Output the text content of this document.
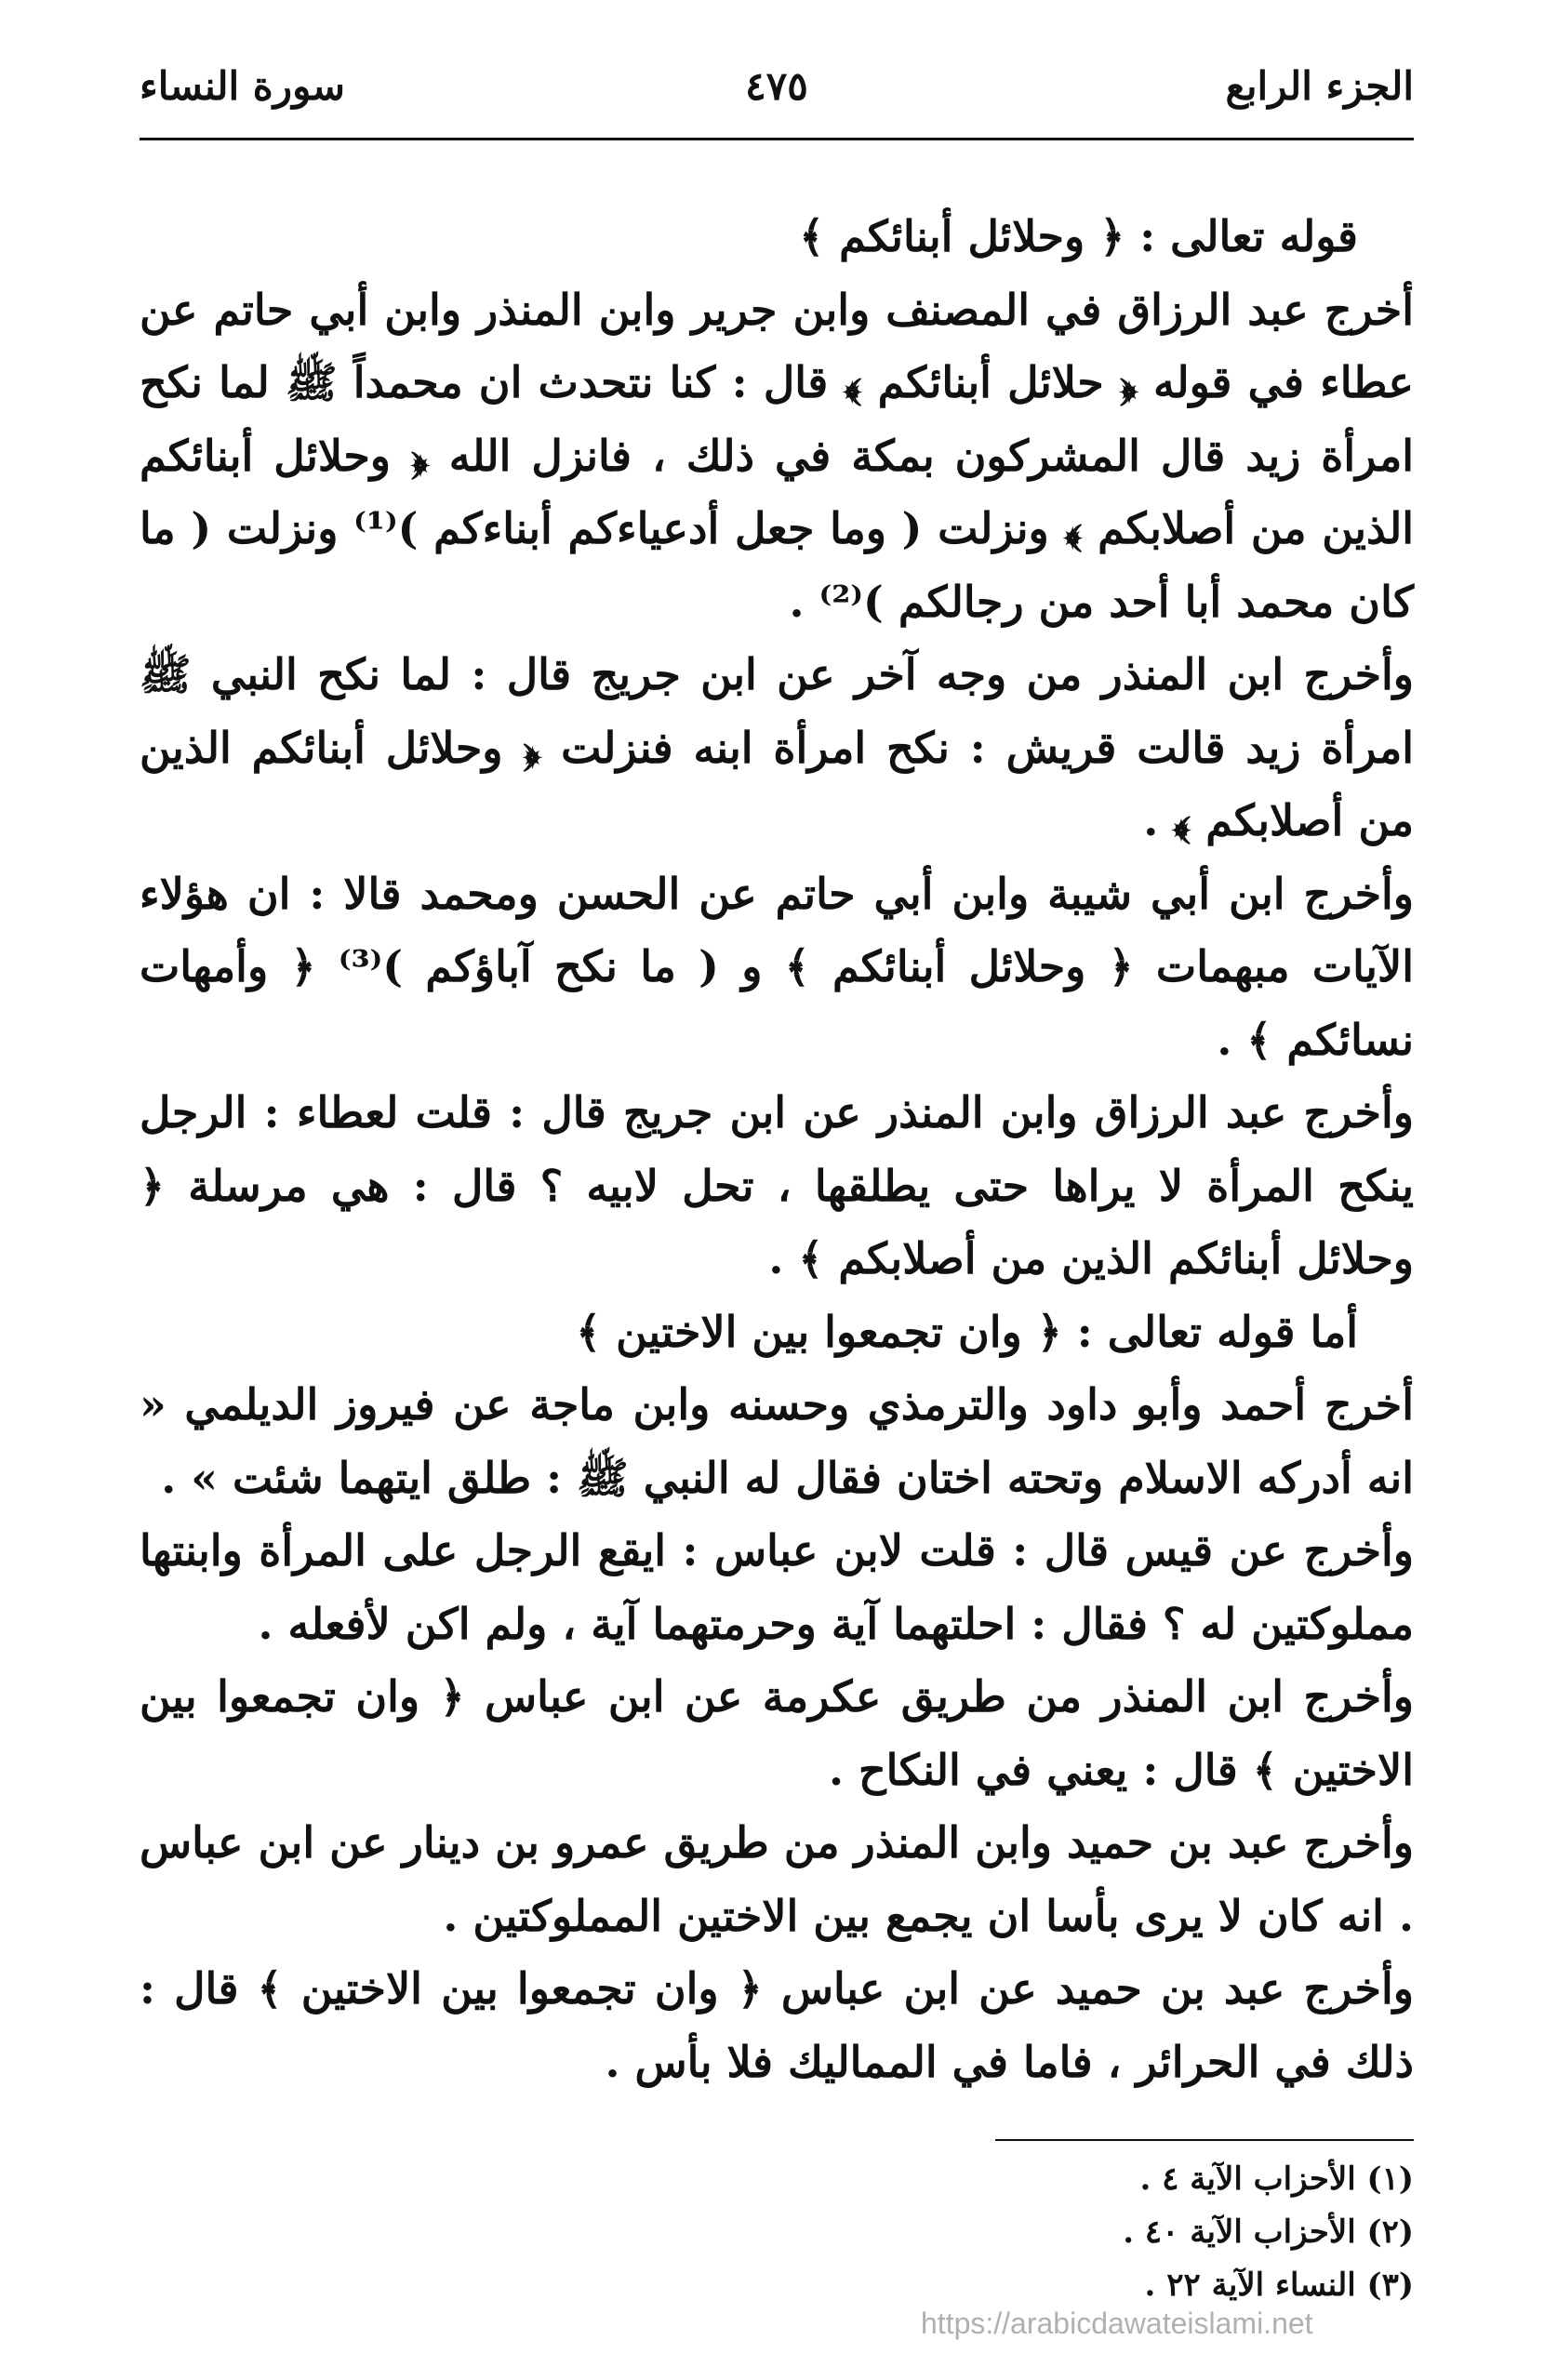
الجزء الرابع
٤٧٥
سورة النساء

قوله تعالى : ﴿ وحلائل أبنائكم ﴾

أخرج عبد الرزاق في المصنف وابن جرير وابن المنذر وابن أبي حاتم عن عطاء في قوله ﴿ حلائل أبنائكم ﴾ قال : كنا نتحدث ان محمداً ﷺ لما نكح امرأة زيد قال المشركون بمكة في ذلك ، فانزل الله ﴿ وحلائل أبنائكم الذين من أصلابكم ﴾ ونزلت ( وما جعل أدعياءكم أبناءكم )⁽¹⁾ ونزلت ( ما كان محمد أبا أحد من رجالكم )⁽²⁾ .

وأخرج ابن المنذر من وجه آخر عن ابن جريج قال : لما نكح النبي ﷺ امرأة زيد قالت قريش : نكح امرأة ابنه فنزلت ﴿ وحلائل أبنائكم الذين من أصلابكم ﴾ .

وأخرج ابن أبي شيبة وابن أبي حاتم عن الحسن ومحمد قالا : ان هؤلاء الآيات مبهمات ﴿ وحلائل أبنائكم ﴾ و ( ما نكح آباؤكم )⁽³⁾ ﴿ وأمهات نسائكم ﴾ .

وأخرج عبد الرزاق وابن المنذر عن ابن جريج قال : قلت لعطاء : الرجل ينكح المرأة لا يراها حتى يطلقها ، تحل لابيه ؟ قال : هي مرسلة ﴿ وحلائل أبنائكم الذين من أصلابكم ﴾ .

أما قوله تعالى : ﴿ وان تجمعوا بين الاختين ﴾

أخرج أحمد وأبو داود والترمذي وحسنه وابن ماجة عن فيروز الديلمي « انه أدركه الاسلام وتحته اختان فقال له النبي ﷺ : طلق ايتهما شئت » .

وأخرج عن قيس قال : قلت لابن عباس : ايقع الرجل على المرأة وابنتها مملوكتين له ؟ فقال : احلتهما آية وحرمتهما آية ، ولم اكن لأفعله .

وأخرج ابن المنذر من طريق عكرمة عن ابن عباس ﴿ وان تجمعوا بين الاختين ﴾ قال : يعني في النكاح .

وأخرج عبد بن حميد وابن المنذر من طريق عمرو بن دينار عن ابن عباس . انه كان لا يرى بأسا ان يجمع بين الاختين المملوكتين .

وأخرج عبد بن حميد عن ابن عباس ﴿ وان تجمعوا بين الاختين ﴾ قال : ذلك في الحرائر ، فاما في المماليك فلا بأس .

(١) الأحزاب الآية ٤ .
(٢) الأحزاب الآية ٤٠ .
(٣) النساء الآية ٢٢ .
https://arabicdawateislami.net
